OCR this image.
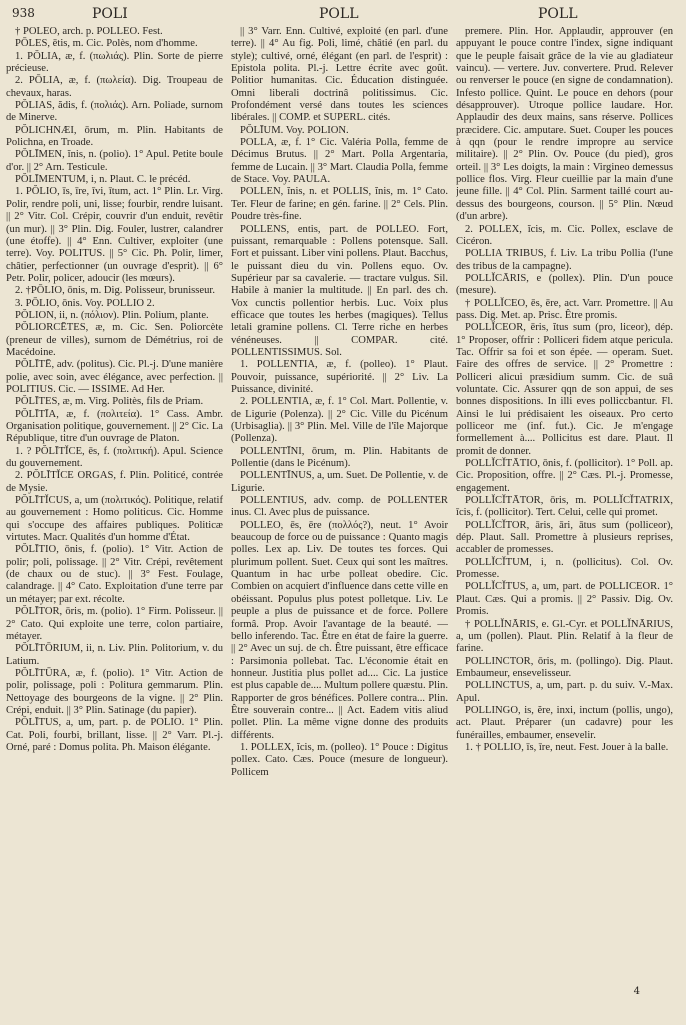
938	POLI	POLL	POLL

† POLEO, arch. p. POLLEO. Fest.

PŌLES, ētis, m. Cic. Polès, nom d'homme.

1. PŎLIA, æ, f. (πωλιάς). Plin. Sorte de pierre précieuse.

2. PŌLIA, æ, f. (πωλεία). Dig. Troupeau de chevaux, haras.

PŎLIAS, ădis, f. (πολιάς). Arn. Poliade, surnom de Minerve.

PŎLICHNÆI, ōrum, m. Plin. Habitants de Polichna, en Troade.

PŎLĪMEN, ĭnis, n. (polio). 1° Apul. Petite boule d'or. || 2° Arn. Testicule.

PŎLĪMENTUM, i, n. Plaut. C. le précéd.

1. PŎLIO, īs, īre, īvi, ītum, act. 1° Plin. Lr. Virg. Polir, rendre poli, uni, lisse; fourbir, rendre luisant. || 2° Vitr. Col. Crépir, couvrir d'un enduit, revêtir (un mur). || 3° Plin. Dig. Fouler, lustrer, calandrer (une étoffe). || 4° Enn. Cultiver, exploiter (une terre). Voy. POLITUS. || 5° Cic. Ph. Polir, limer, châtier, perfectionner (un ouvrage d'esprit). || 6° Petr. Polir, policer, adoucir (les mœurs).

2. †PŌLIO, ōnis, m. Dig. Polisseur, brunisseur.

3. PŌLIO, ōnis. Voy. POLLIO 2.

PŎLION, ii, n. (πόλιον). Plin. Polium, plante.

PŎLIORCĒTES, æ, m. Cic. Sen. Poliorcète (preneur de villes), surnom de Démétrius, roi de Macédoine.

PŎLĪTĒ, adv. (politus). Cic. Pl.-j. D'une manière polie, avec soin, avec élégance, avec perfection. || POLITIUS. Cic. — ISSIME. Ad Her.

PŎLĪTES, æ, m. Virg. Politès, fils de Priam.

PŎLĪTĪA, æ, f. (πολιτεία). 1° Cass. Ambr. Organisation politique, gouvernement. || 2° Cic. La République, titre d'un ouvrage de Platon.

1. ? PŎLĪTĬCE, ēs, f. (πολιτική). Apul. Science du gouvernement.

2. PŎLĪTĬCE ORGAS, f. Plin. Politicé, contrée de Mysie.

PŎLĪTĬCUS, a, um (πολιτικός). Politique, relatif au gouvernement : Homo politicus. Cic. Homme qui s'occupe des affaires publiques. Politicæ virtutes. Macr. Qualités d'un homme d'État.

PŎLĪTIO, ōnis, f. (polio). 1° Vitr. Action de polir; poli, polissage. || 2° Vitr. Crépi, revêtement (de chaux ou de stuc). || 3° Fest. Foulage, calandrage. || 4° Cato. Exploitation d'une terre par un métayer; par ext. récolte.

PŎLĪTOR, ōris, m. (polio). 1° Firm. Polisseur. || 2° Cato. Qui exploite une terre, colon partiaire, métayer.

PŎLĪTŌRIUM, ii, n. Liv. Plin. Politorium, v. du Latium.

PŎLĪTŪRA, æ, f. (polio). 1° Vitr. Action de polir, polissage, poli : Politura gemmarum. Plin. Nettoyage des bourgeons de la vigne. || 2° Plin. Crépi, enduit. || 3° Plin. Satinage (du papier).

PŎLĪTUS, a, um, part. p. de POLIO. 1° Plin. Cat. Poli, fourbi, brillant, lisse. || 2° Varr. Pl.-j. Orné, paré : Domus polita. Ph. Maison élégante.

|| 3° Varr. Enn. Cultivé, exploité (en parl. d'une terre). || 4° Au fig. Poli, limé, châtié (en parl. du style); cultivé, orné, élégant (en parl. de l'esprit) : Epistola polita. Pl.-j. Lettre écrite avec goût. Politior humanitas. Cic. Éducation distinguée. Omni liberali doctrinâ politissimus. Cic. Profondément versé dans toutes les sciences libérales. || COMP. et SUPERL. cités.

PŎLĪUM. Voy. POLION.

POLLA, æ, f. 1° Cic. Valéria Polla, femme de Décimus Brutus. || 2° Mart. Polla Argentaria, femme de Lucain. || 3° Mart. Claudia Polla, femme de Stace. Voy. PAULA.

POLLEN, ĭnis, n. et POLLIS, ĭnis, m. 1° Cato. Ter. Fleur de farine; en gén. farine. || 2° Cels. Plin. Poudre très-fine.

POLLENS, entis, part. de POLLEO. Fort, puissant, remarquable : Pollens potensque. Sall. Fort et puissant. Liber vini pollens. Plaut. Bacchus, le puissant dieu du vin. Pollens equo. Ov. Supérieur par sa cavalerie. — tractare vulgus. Sil. Habile à manier la multitude. || En parl. des ch. Vox cunctis pollentior herbis. Luc. Voix plus efficace que toutes les herbes (magiques). Tellus letali gramine pollens. Cl. Terre riche en herbes vénéneuses. || COMPAR. cité. POLLENTISSIMUS. Sol.

1. POLLENTIA, æ, f. (polleo). 1° Plaut. Pouvoir, puissance, supériorité. || 2° Liv. La Puissance, divinité.

2. POLLENTIA, æ, f. 1° Col. Mart. Pollentie, v. de Ligurie (Polenza). || 2° Cic. Ville du Picénum (Urbisaglia). || 3° Plin. Mel. Ville de l'île Majorque (Pollenza).

POLLENTĪNI, ōrum, m. Plin. Habitants de Pollentie (dans le Picénum).

POLLENTĪNUS, a, um. Suet. De Pollentie, v. de Ligurie.

POLLENTIUS, adv. comp. de POLLENTER inus. Cl. Avec plus de puissance.

POLLEO, ēs, ēre (πολλός?), neut. 1° Avoir beaucoup de force ou de puissance : Quanto magis polles. Lex ap. Liv. De toutes tes forces. Qui plurimum pollent. Suet. Ceux qui sont les maîtres. Quantum in hac urbe polleat obedire. Cic. Combien on acquiert d'influence dans cette ville en obéissant. Populus plus potest polletque. Liv. Le peuple a plus de puissance et de force. Pollere formâ. Prop. Avoir l'avantage de la beauté. — bello inferendo. Tac. Être en état de faire la guerre. || 2° Avec un suj. de ch. Être puissant, être efficace : Parsimonia pollebat. Tac. L'économie était en honneur. Justitia plus pollet ad.... Cic. La justice est plus capable de.... Multum pollere quæstu. Plin. Rapporter de gros bénéfices. Pollere contra... Plin. Être souverain contre... || Act. Eadem vitis aliud pollet. Plin. La même vigne donne des produits différents.

1. POLLEX, ĭcis, m. (polleo). 1° Pouce : Digitus pollex. Cato. Cæs. Pouce (mesure de longueur). Pollicem

premere. Plin. Hor. Applaudir, approuver (en appuyant le pouce contre l'index, signe indiquant que le peuple faisait grâce de la vie au gladiateur vaincu). — vertere. Juv. convertere. Prud. Relever ou renverser le pouce (en signe de condamnation). Infesto pollice. Quint. Le pouce en dehors (pour désapprouver). Utroque pollice laudare. Hor. Applaudir des deux mains, sans réserve. Pollices præcidere. Cic. amputare. Suet. Couper les pouces à qqn (pour le rendre impropre au service militaire). || 2° Plin. Ov. Pouce (du pied), gros orteil. || 3° Les doigts, la main : Virgineo demessus pollice flos. Virg. Fleur cueillie par la main d'une jeune fille. || 4° Col. Plin. Sarment taillé court au-dessus des bourgeons, courson. || 5° Plin. Nœud (d'un arbre).

2. POLLEX, ĭcis, m. Cic. Pollex, esclave de Cicéron.

POLLIA TRIBUS, f. Liv. La tribu Pollia (l'une des tribus de la campagne).

POLLĬCĀRIS, e (pollex). Plin. D'un pouce (mesure).

† POLLĬCEO, ēs, ēre, act. Varr. Promettre. || Au pass. Dig. Met. ap. Prisc. Être promis.

POLLĬCEOR, ēris, ĭtus sum (pro, liceor), dép. 1° Proposer, offrir : Polliceri fidem atque pericula. Tac. Offrir sa foi et son épée. — operam. Suet. Faire des offres de service. || 2° Promettre : Polliceri alicui præsidium summ. Cic. de suâ voluntate. Cic. Assurer qqn de son appui, de ses bonnes dispositions. In illi eves polliccbantur. Fl. Ainsi le lui prédisaient les oiseaux. Pro certo polliceor me (inf. fut.). Cic. Je m'engage formellement à.... Pollicitus est dare. Plaut. Il promit de donner.

POLLĬCĬTĀTIO, ōnis, f. (pollicitor). 1° Poll. ap. Cic. Proposition, offre. || 2° Cæs. Pl.-j. Promesse, engagement.

POLLĬCĬTĀTOR, ōris, m. POLLĬCĬTATRIX, īcis, f. (pollicitor). Tert. Celui, celle qui promet.

POLLĬCĬTOR, āris, āri, ātus sum (polliceor), dép. Plaut. Sall. Promettre à plusieurs reprises, accabler de promesses.

POLLĬCĬTUM, i, n. (pollicitus). Col. Ov. Promesse.

POLLĬCĬTUS, a, um, part. de POLLICEOR. 1° Plaut. Cæs. Qui a promis. || 2° Passiv. Dig. Ov. Promis.

† POLLĬNĀRIS, e. Gl.-Cyr. et POLLĬNĀRIUS, a, um (pollen). Plaut. Plin. Relatif à la fleur de farine.

POLLINCTOR, ōris, m. (pollingo). Dig. Plaut. Embaumeur, ensevelisseur.

POLLINCTUS, a, um, part. p. du suiv. V.-Max. Apul.

POLLINGO, is, ĕre, inxi, inctum (pollis, ungo), act. Plaut. Préparer (un cadavre) pour les funérailles, embaumer, ensevelir.

1. † POLLIO, īs, īre, neut. Fest. Jouer à la balle.

4
